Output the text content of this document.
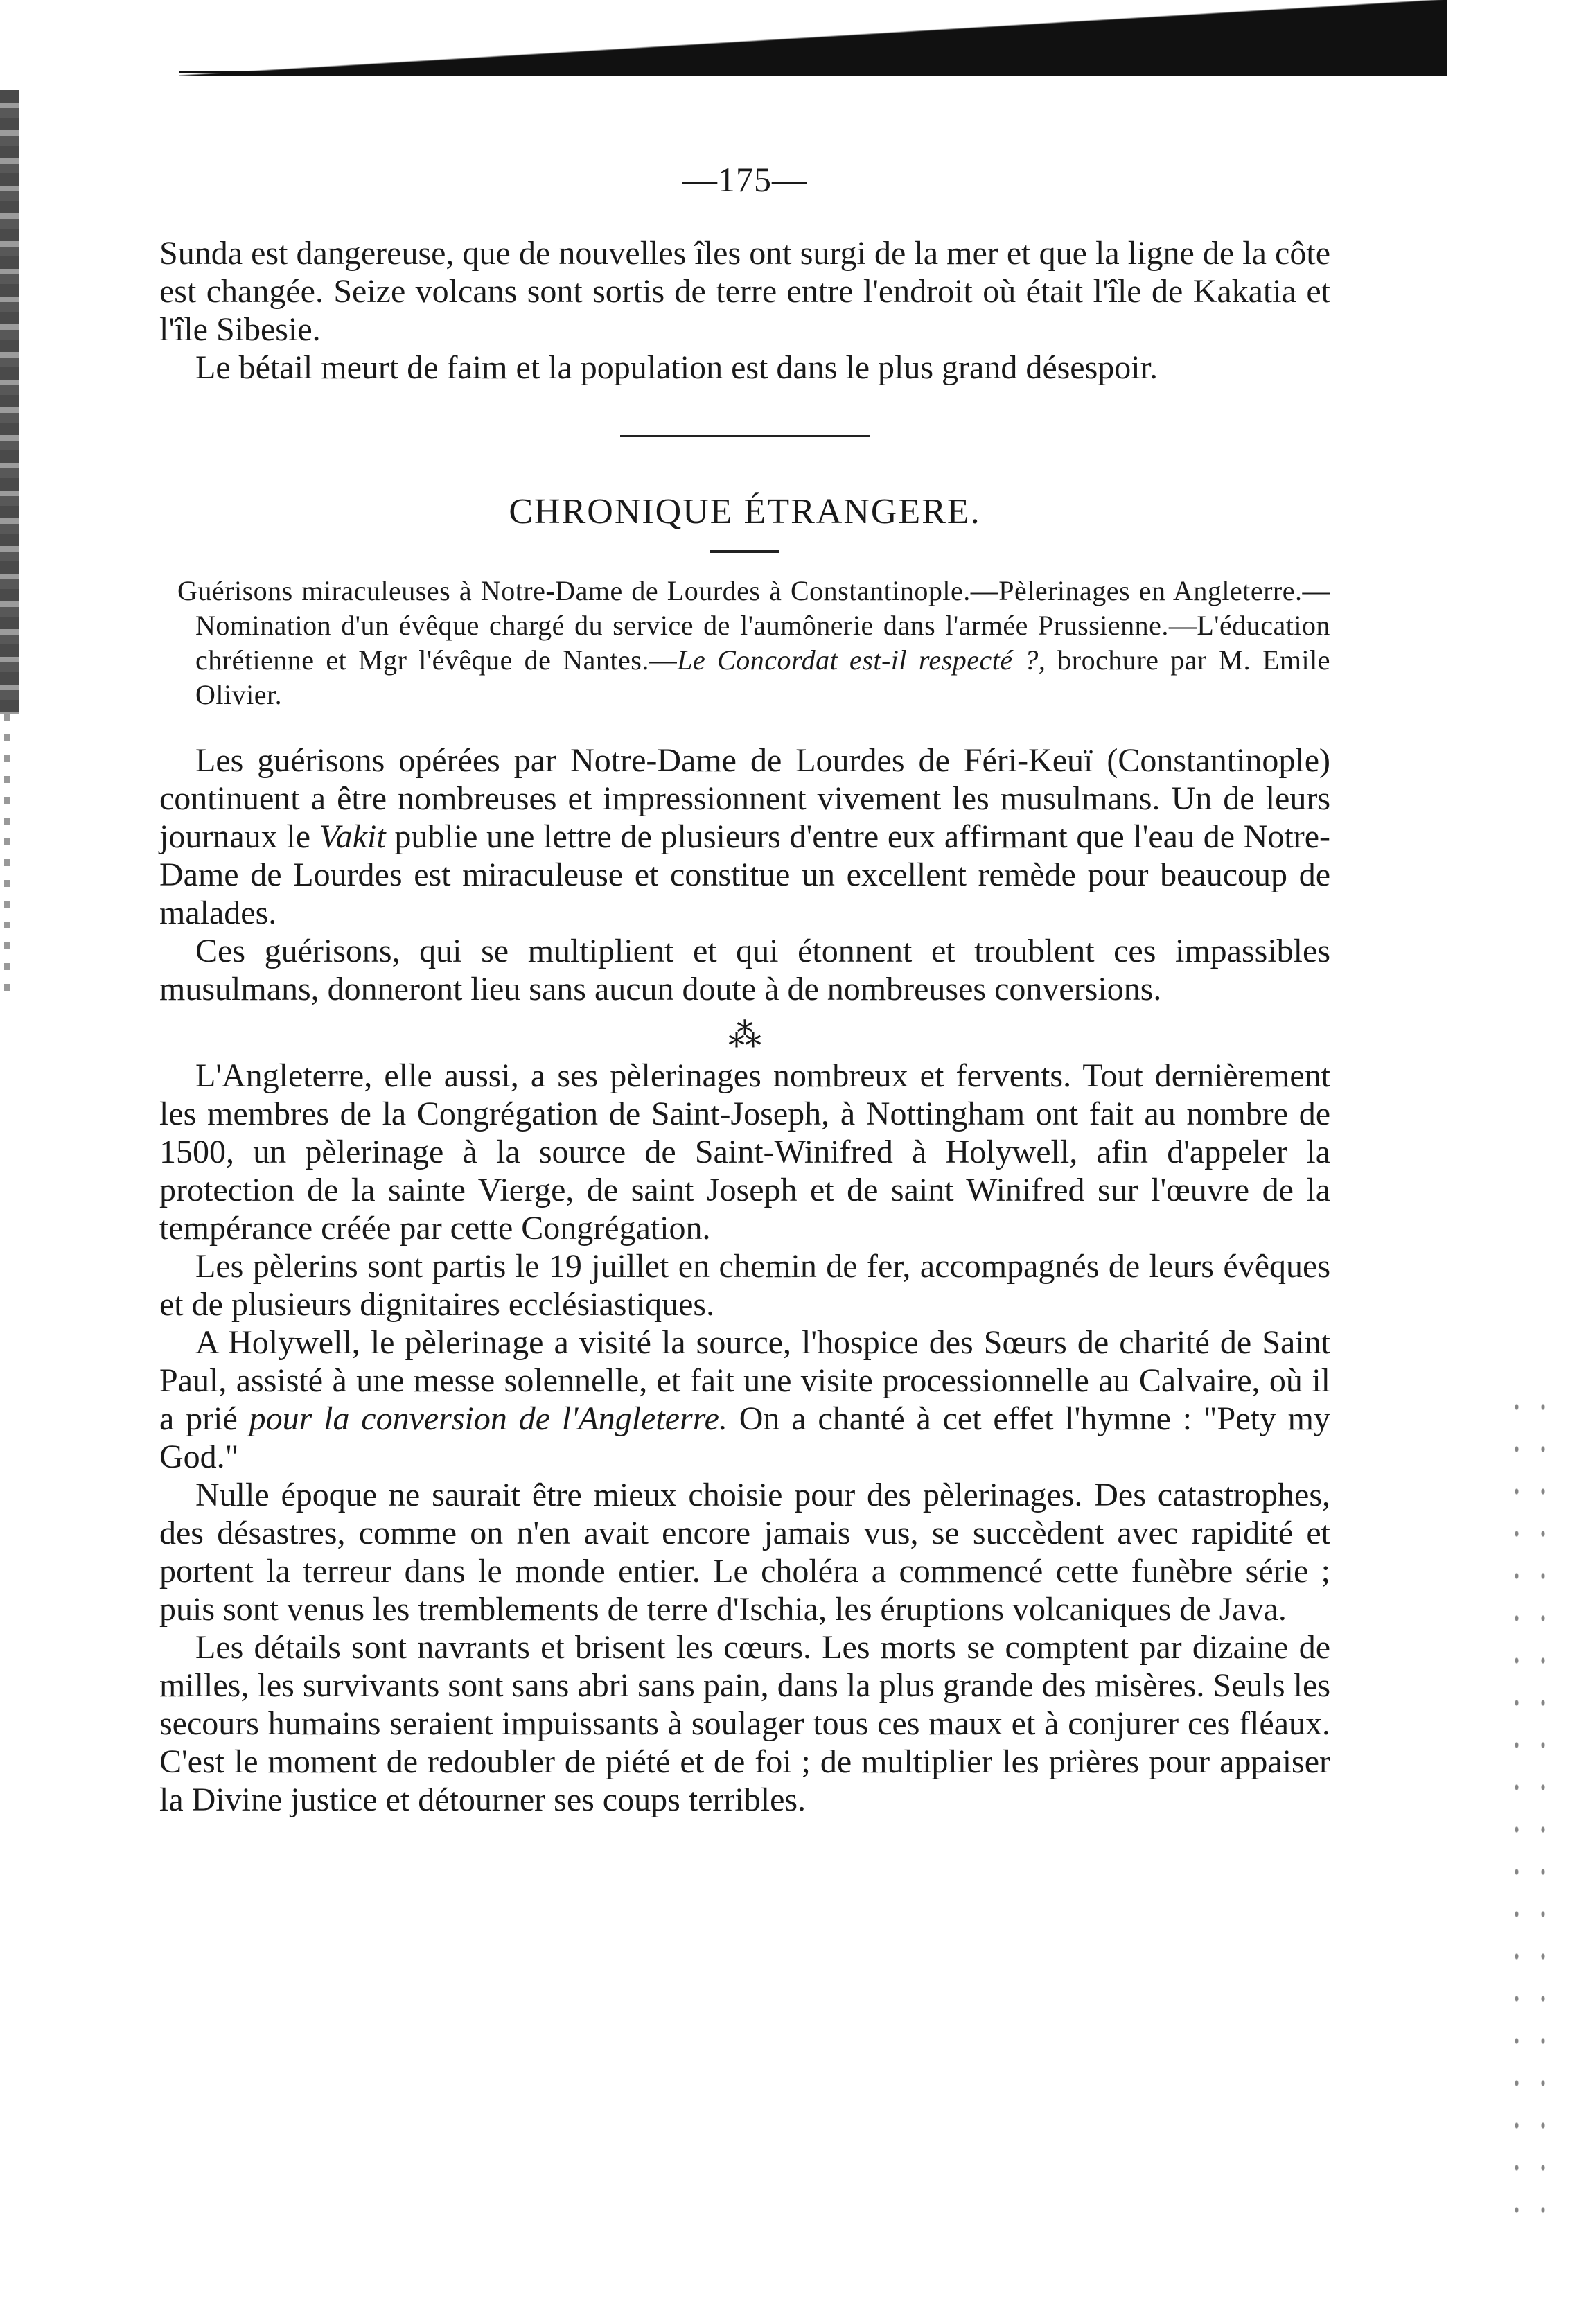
—175—

Sunda est dangereuse, que de nouvelles îles ont surgi de la mer et que la ligne de la côte est changée. Seize volcans sont sortis de terre entre l'endroit où était l'île de Kakatia et l'île Sibesie.

Le bétail meurt de faim et la population est dans le plus grand désespoir.

CHRONIQUE ÉTRANGERE.

Guérisons miraculeuses à Notre-Dame de Lourdes à Constantinople.—Pèlerinages en Angleterre.—Nomination d'un évêque chargé du service de l'aumônerie dans l'armée Prussienne.—L'éducation chrétienne et Mgr l'évêque de Nantes.—Le Concordat est-il respecté ?, brochure par M. Emile Olivier.

Les guérisons opérées par Notre-Dame de Lourdes de Féri-Keuï (Constantinople) continuent a être nombreuses et impressionnent vivement les musulmans. Un de leurs journaux le Vakit publie une lettre de plusieurs d'entre eux affirmant que l'eau de Notre-Dame de Lourdes est miraculeuse et constitue un excellent remède pour beaucoup de malades.

Ces guérisons, qui se multiplient et qui étonnent et troublent ces impassibles musulmans, donneront lieu sans aucun doute à de nombreuses conversions.

⁂

L'Angleterre, elle aussi, a ses pèlerinages nombreux et fervents. Tout dernièrement les membres de la Congrégation de Saint-Joseph, à Nottingham ont fait au nombre de 1500, un pèlerinage à la source de Saint-Winifred à Holywell, afin d'appeler la protection de la sainte Vierge, de saint Joseph et de saint Winifred sur l'œuvre de la tempérance créée par cette Congrégation.

Les pèlerins sont partis le 19 juillet en chemin de fer, accompagnés de leurs évêques et de plusieurs dignitaires ecclésiastiques.

A Holywell, le pèlerinage a visité la source, l'hospice des Sœurs de charité de Saint Paul, assisté à une messe solennelle, et fait une visite processionnelle au Calvaire, où il a prié pour la conversion de l'Angleterre. On a chanté à cet effet l'hymne : "Pety my God."

Nulle époque ne saurait être mieux choisie pour des pèlerinages. Des catastrophes, des désastres, comme on n'en avait encore jamais vus, se succèdent avec rapidité et portent la terreur dans le monde entier. Le choléra a commencé cette funèbre série ; puis sont venus les tremblements de terre d'Ischia, les éruptions volcaniques de Java.

Les détails sont navrants et brisent les cœurs. Les morts se comptent par dizaine de milles, les survivants sont sans abri sans pain, dans la plus grande des misères. Seuls les secours humains seraient impuissants à soulager tous ces maux et à conjurer ces fléaux. C'est le moment de redoubler de piété et de foi ; de multiplier les prières pour appaiser la Divine justice et détourner ses coups terribles.
